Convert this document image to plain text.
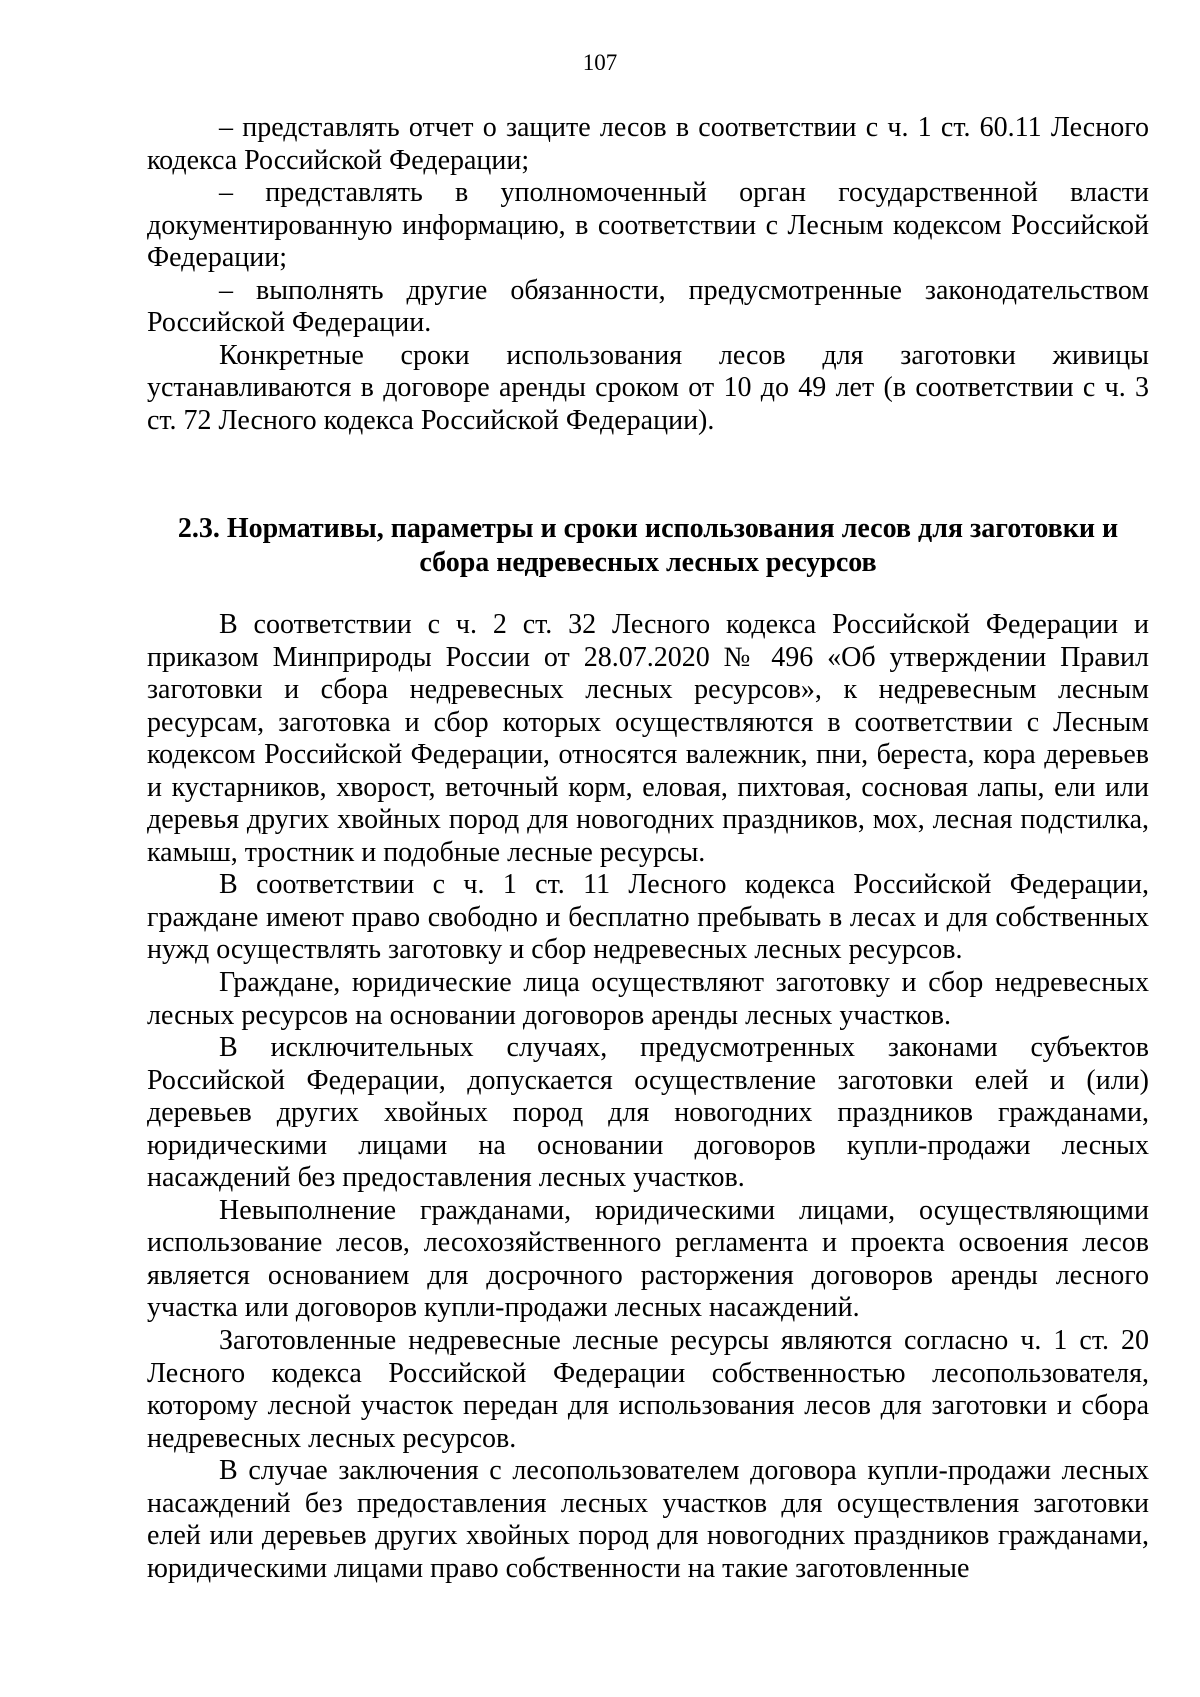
107

– представлять отчет о защите лесов в соответствии с ч. 1 ст. 60.11 Лесного кодекса Российской Федерации;

– представлять в уполномоченный орган государственной власти документированную информацию, в соответствии с Лесным кодексом Российской Федерации;

– выполнять другие обязанности, предусмотренные законодательством Российской Федерации.

Конкретные сроки использования лесов для заготовки живицы устанавливаются в договоре аренды сроком от 10 до 49 лет (в соответствии с ч. 3 ст. 72 Лесного кодекса Российской Федерации).

2.3. Нормативы, параметры и сроки использования лесов для заготовки и сбора недревесных лесных ресурсов

В соответствии с ч. 2 ст. 32 Лесного кодекса Российской Федерации и приказом Минприроды России от 28.07.2020 № 496 «Об утверждении Правил заготовки и сбора недревесных лесных ресурсов», к недревесным лесным ресурсам, заготовка и сбор которых осуществляются в соответствии с Лесным кодексом Российской Федерации, относятся валежник, пни, береста, кора деревьев и кустарников, хворост, веточный корм, еловая, пихтовая, сосновая лапы, ели или деревья других хвойных пород для новогодних праздников, мох, лесная подстилка, камыш, тростник и подобные лесные ресурсы.

В соответствии с ч. 1 ст. 11 Лесного кодекса Российской Федерации, граждане имеют право свободно и бесплатно пребывать в лесах и для собственных нужд осуществлять заготовку и сбор недревесных лесных ресурсов.

Граждане, юридические лица осуществляют заготовку и сбор недревесных лесных ресурсов на основании договоров аренды лесных участков.

В исключительных случаях, предусмотренных законами субъектов Российской Федерации, допускается осуществление заготовки елей и (или) деревьев других хвойных пород для новогодних праздников гражданами, юридическими лицами на основании договоров купли-продажи лесных насаждений без предоставления лесных участков.

Невыполнение гражданами, юридическими лицами, осуществляющими использование лесов, лесохозяйственного регламента и проекта освоения лесов является основанием для досрочного расторжения договоров аренды лесного участка или договоров купли-продажи лесных насаждений.

Заготовленные недревесные лесные ресурсы являются согласно ч. 1 ст. 20 Лесного кодекса Российской Федерации собственностью лесопользователя, которому лесной участок передан для использования лесов для заготовки и сбора недревесных лесных ресурсов.

В случае заключения с лесопользователем договора купли-продажи лесных насаждений без предоставления лесных участков для осуществления заготовки елей или деревьев других хвойных пород для новогодних праздников гражданами, юридическими лицами право собственности на такие заготовленные
